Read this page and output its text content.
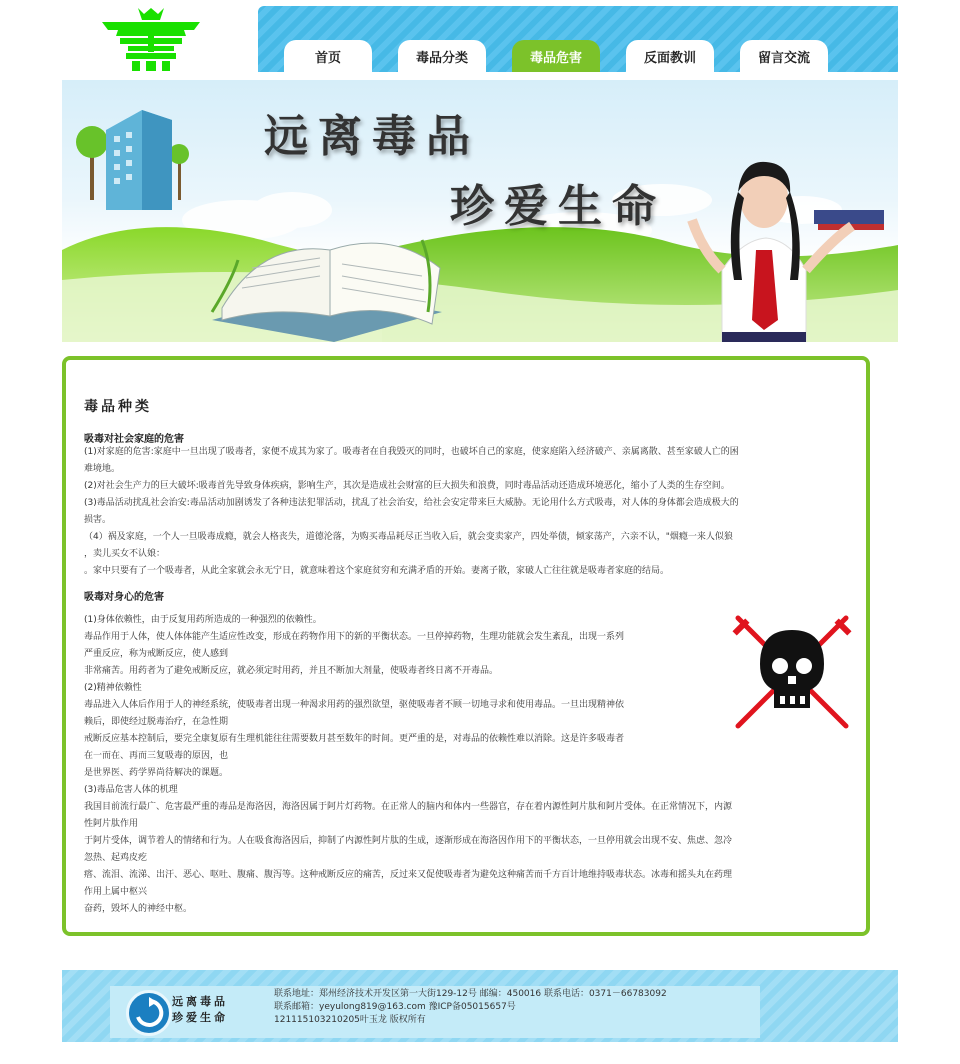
首页	毒品分类	毒品危害	反面教训	留言交流
远离毒品
珍爱生命
毒品种类
吸毒对社会家庭的危害
(1)对家庭的危害:家庭中一旦出现了吸毒者，家便不成其为家了。吸毒者在自我毁灭的同时，也破坏自己的家庭，使家庭陷入经济破产、亲属离散、甚至家破人亡的困
难境地。
(2)对社会生产力的巨大破坏:吸毒首先导致身体疾病，影响生产，其次是造成社会财富的巨大损失和浪费，同时毒品活动还造成环境恶化，缩小了人类的生存空间。
(3)毒品活动扰乱社会治安:毒品活动加剧诱发了各种违法犯罪活动，扰乱了社会治安，给社会安定带来巨大威胁。无论用什么方式吸毒，对人体的身体都会造成极大的
损害。
（4）祸及家庭，一个人一旦吸毒成瘾，就会人格丧失，道德沦落，为购买毒品耗尽正当收入后，就会变卖家产，四处举债，倾家荡产，六亲不认，"烟瘾一来人似狼
，卖儿买女不认娘：
。家中只要有了一个吸毒者，从此全家就会永无宁日，就意味着这个家庭贫穷和充满矛盾的开始。妻离子散，家破人亡往往就是吸毒者家庭的结局。
吸毒对身心的危害
(1)身体依赖性，由于反复用药所造成的一种强烈的依赖性。
毒品作用于人体，使人体体能产生适应性改变，形成在药物作用下的新的平衡状态。一旦停掉药物，生理功能就会发生紊乱，出现一系列
严重反应，称为戒断反应，使人感到
非常痛苦。用药者为了避免戒断反应，就必须定时用药，并且不断加大剂量，使吸毒者终日离不开毒品。
(2)精神依赖性
毒品进入人体后作用于人的神经系统，使吸毒者出现一种渴求用药的强烈欲望，驱使吸毒者不顾一切地寻求和使用毒品。一旦出现精神依
赖后，即使经过脱毒治疗，在急性期
戒断反应基本控制后，要完全康复原有生理机能往往需要数月甚至数年的时间。更严重的是，对毒品的依赖性难以消除。这是许多吸毒者
在一而在、再而三复吸毒的原因，也
是世界医、药学界尚待解决的课题。
(3)毒品危害人体的机理
我国目前流行最广、危害最严重的毒品是海洛因，海洛因属于阿片灯药物。在正常人的脑内和体内一些器官，存在着内源性阿片肽和阿片受体。在正常情况下，内源
性阿片肽作用
于阿片受体，调节着人的情绪和行为。人在吸食海洛因后，抑制了内源性阿片肽的生成，逐渐形成在海洛因作用下的平衡状态，一旦停用就会出现不安、焦虑、忽冷
忽热、起鸡皮疙
瘩、流泪、流涕、出汗、恶心、呕吐、腹痛、腹泻等。这种戒断反应的痛苦，反过来又促使吸毒者为避免这种痛苦而千方百计地维持吸毒状态。冰毒和摇头丸在药理
作用上属中枢兴
奋药，毁坏人的神经中枢。
远离毒品
珍爱生命
联系地址：郑州经济技术开发区第一大街129-12号 邮编：450016 联系电话：0371－66783092
联系邮箱：yeyulong819@163.com 豫ICP备05015657号
121115103210205叶玉龙 版权所有
